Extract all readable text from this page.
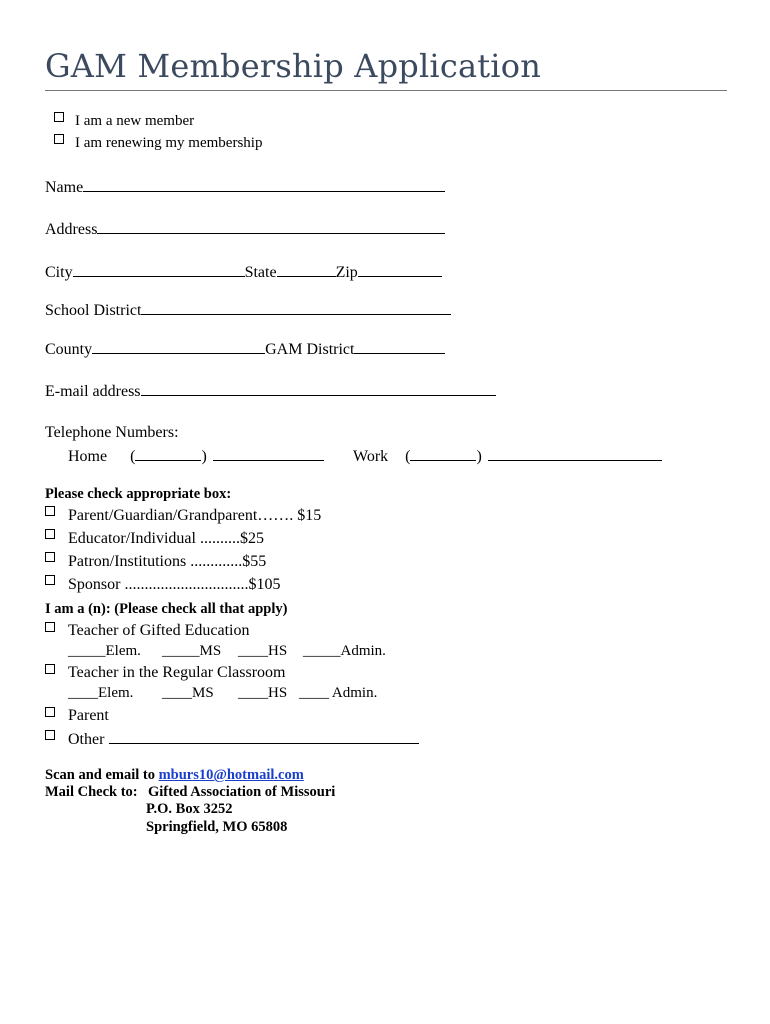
GAM Membership Application
I am a new member
I am renewing my membership
Name
Address
City	State	Zip
School District
County	GAM District
E-mail address
Telephone Numbers:
Home (	)	Work (	)
Please check appropriate box:
Parent/Guardian/Grandparent……. $15
Educator/Individual ..........$25
Patron/Institutions .............$55
Sponsor ...............................$105
I am a (n): (Please check all that apply)
Teacher of Gifted Education
_____Elem. _____MS ____HS _____Admin.
Teacher in the Regular Classroom
____Elem. ____MS ____HS ____ Admin.
Parent
Other
Scan and email to mburs10@hotmail.com
Mail Check to: Gifted Association of Missouri
P.O. Box 3252
Springfield, MO 65808
